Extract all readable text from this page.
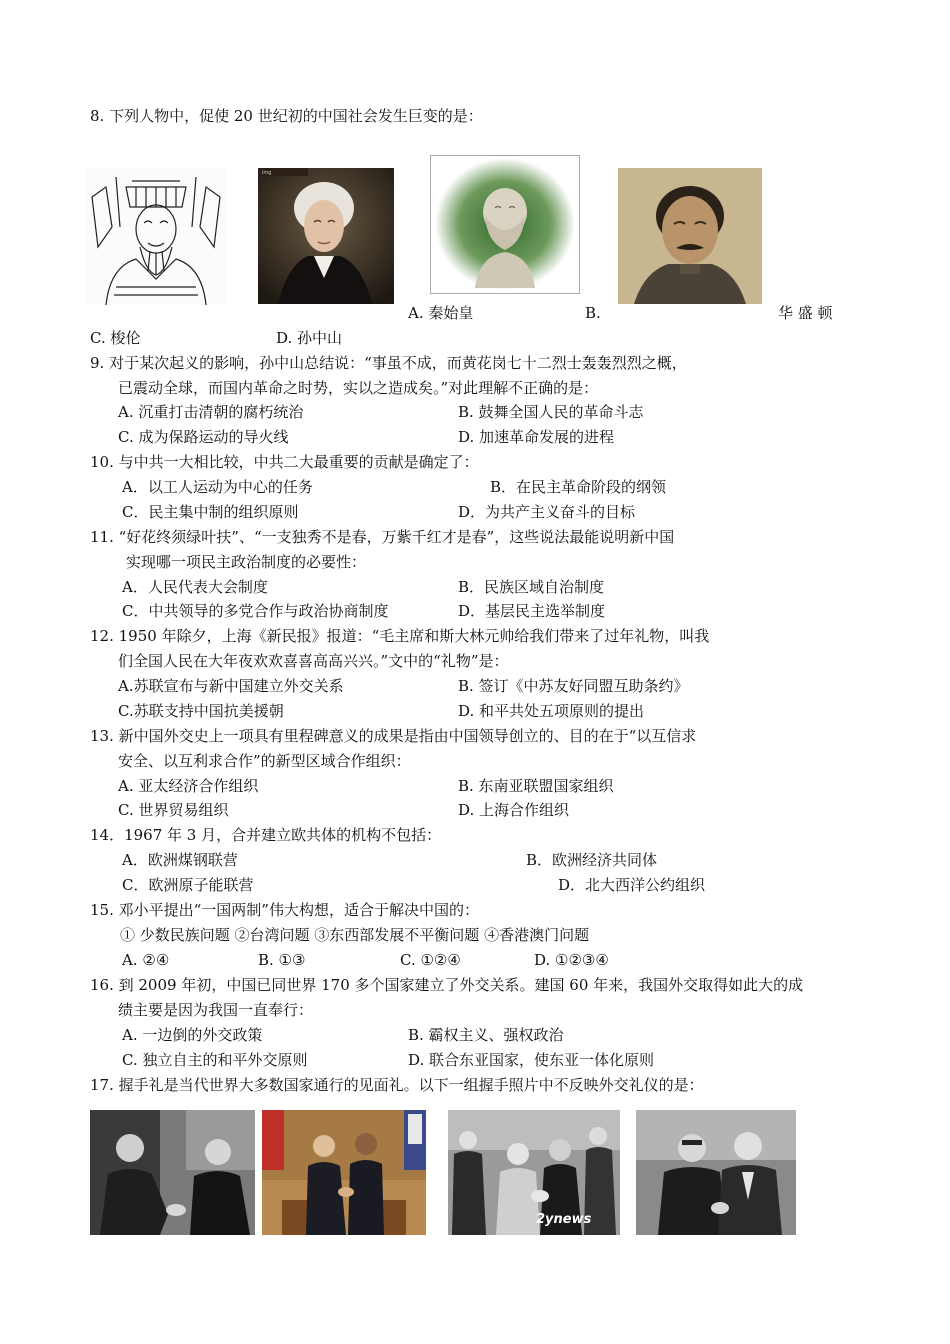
8. 下列人物中，促使 20 世纪初的中国社会发生巨变的是：
img
A. 秦始皇	B.	华 盛 顿
C. 梭伦	D. 孙中山
9. 对于某次起义的影响，孙中山总结说：“事虽不成，而黄花岗七十二烈士轰轰烈烈之概，
已震动全球，而国内革命之时势，实以之造成矣。”对此理解不正确的是：
A. 沉重打击清朝的腐朽统治	B. 鼓舞全国人民的革命斗志
C. 成为保路运动的导火线	D. 加速革命发展的进程
10. 与中共一大相比较，中共二大最重要的贡献是确定了：
A．以工人运动为中心的任务	B．在民主革命阶段的纲领
C．民主集中制的组织原则	D．为共产主义奋斗的目标
11. “好花终须绿叶扶”、“一支独秀不是春，万紫千红才是春”，这些说法最能说明新中国
实现哪一项民主政治制度的必要性：
A．人民代表大会制度	B．民族区域自治制度
C．中共领导的多党合作与政治协商制度	D．基层民主选举制度
12. 1950 年除夕，上海《新民报》报道：“毛主席和斯大林元帅给我们带来了过年礼物，叫我
们全国人民在大年夜欢欢喜喜高高兴兴。”文中的“礼物”是：
A.苏联宣布与新中国建立外交关系	B. 签订《中苏友好同盟互助条约》
C.苏联支持中国抗美援朝	D. 和平共处五项原则的提出
13. 新中国外交史上一项具有里程碑意义的成果是指由中国领导创立的、目的在于“以互信求
安全、以互利求合作”的新型区域合作组织：
A. 亚太经济合作组织	B. 东南亚联盟国家组织
C. 世界贸易组织	D. 上海合作组织
14．1967 年 3 月，合并建立欧共体的机构不包括：
A．欧洲煤钢联营	B．欧洲经济共同体
C．欧洲原子能联营	D．北大西洋公约组织
15. 邓小平提出“一国两制”伟大构想，适合于解决中国的：
① 少数民族问题 ②台湾问题 ③东西部发展不平衡问题 ④香港澳门问题
A. ②④	B. ①③	C. ①②④	D. ①②③④
16. 到 2009 年初，中国已同世界 170 多个国家建立了外交关系。建国 60 年来，我国外交取得如此大的成
绩主要是因为我国一直奉行：
A. 一边倒的外交政策	B. 霸权主义、强权政治
C. 独立自主的和平外交原则	D. 联合东亚国家，使东亚一体化原则
17. 握手礼是当代世界大多数国家通行的见面礼。以下一组握手照片中不反映外交礼仪的是：
2ynews
